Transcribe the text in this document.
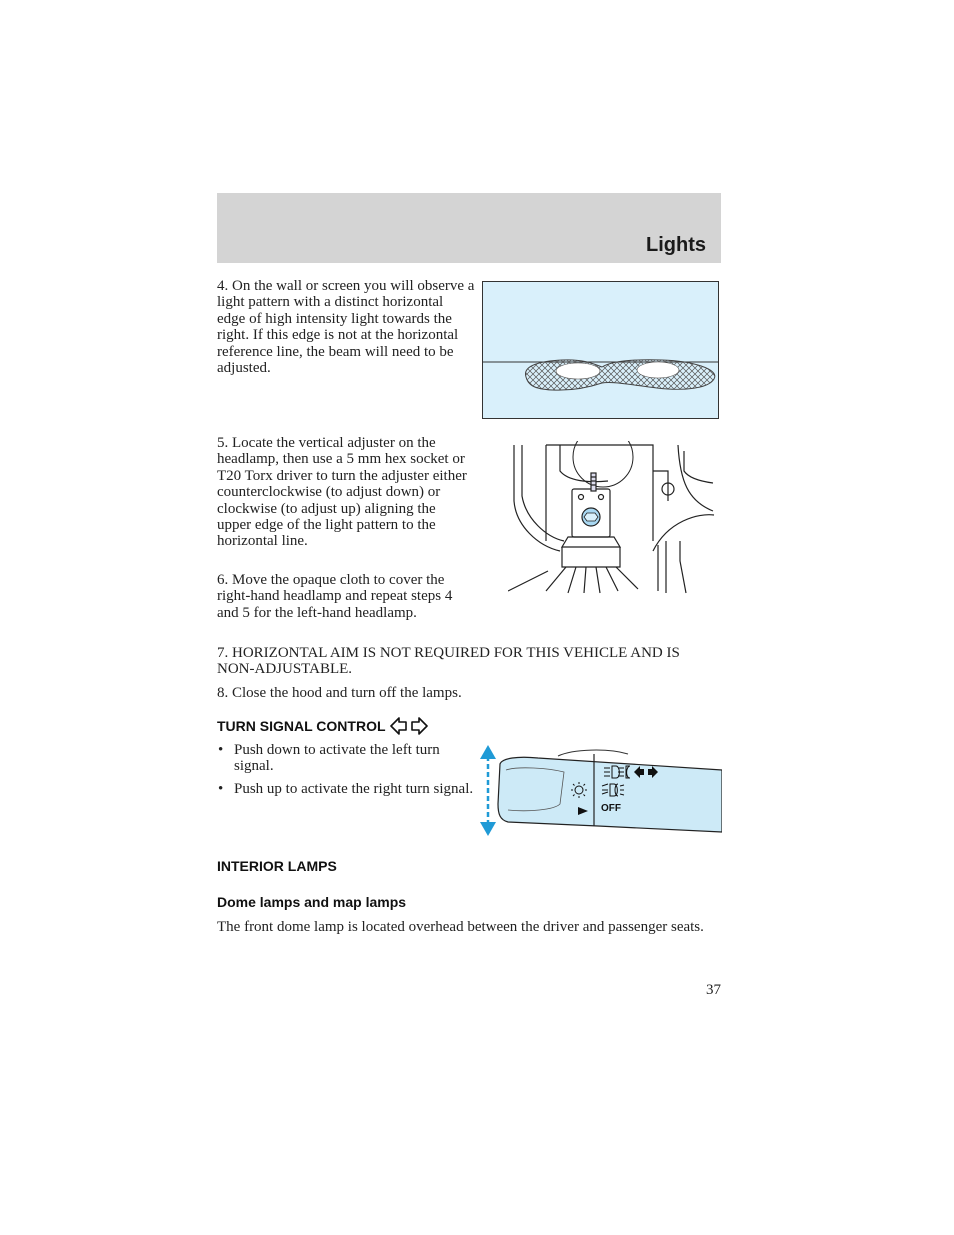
Lights

4. On the wall or screen you will observe a light pattern with a distinct horizontal edge of high intensity light towards the right. If this edge is not at the horizontal reference line, the beam will need to be adjusted.

5. Locate the vertical adjuster on the headlamp, then use a 5 mm hex socket or T20 Torx driver to turn the adjuster either counterclockwise (to adjust down) or clockwise (to adjust up) aligning the upper edge of the light pattern to the horizontal line.

6. Move the opaque cloth to cover the right-hand headlamp and repeat steps 4 and 5 for the left-hand headlamp.

7. HORIZONTAL AIM IS NOT REQUIRED FOR THIS VEHICLE AND IS NON-ADJUSTABLE.

8. Close the hood and turn off the lamps.

TURN SIGNAL CONTROL
• Push down to activate the left turn signal.
• Push up to activate the right turn signal.
OFF
INTERIOR LAMPS
Dome lamps and map lamps

The front dome lamp is located overhead between the driver and passenger seats.

37
